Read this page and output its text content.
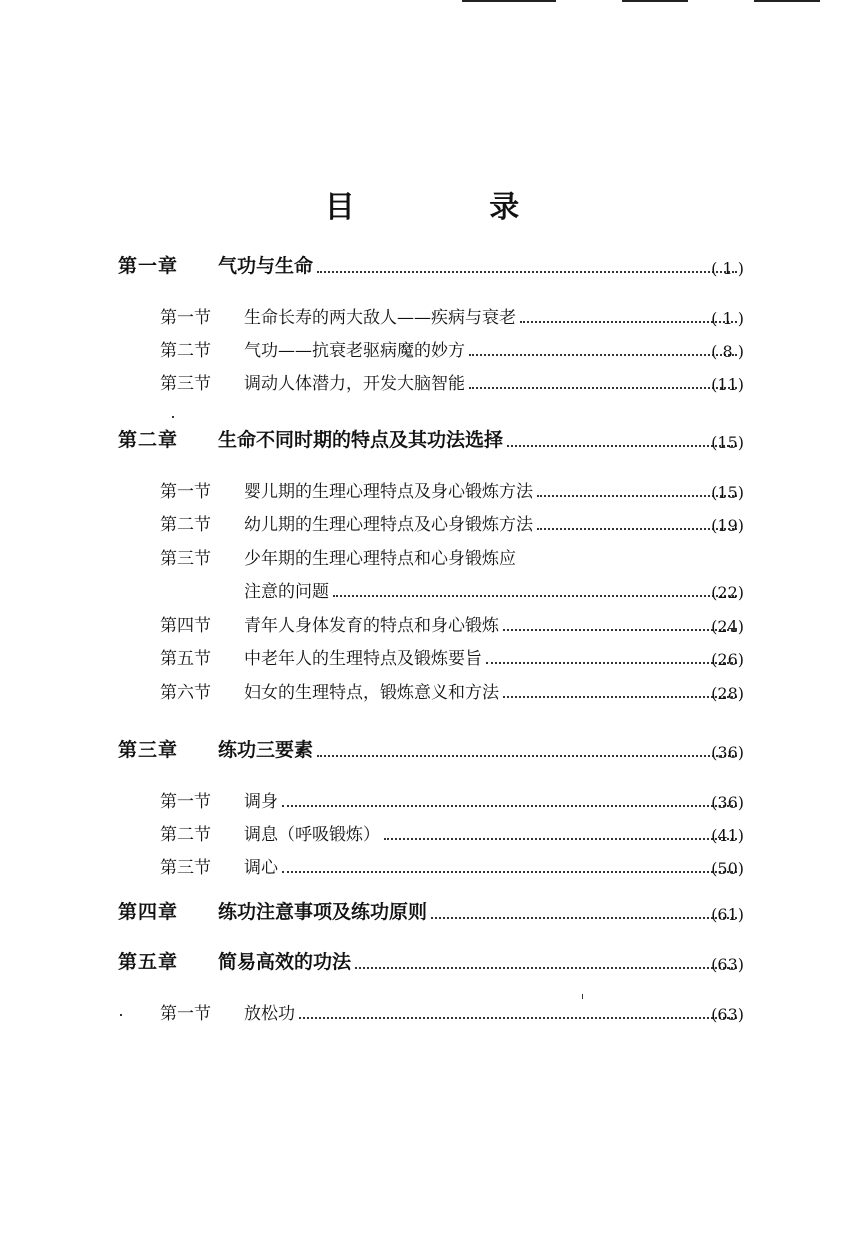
目 录
第一章 气功与生命	( 1 )
第一节 生命长寿的两大敌人——疾病与衰老	( 1 )
第二节 气功——抗衰老驱病魔的妙方	( 8 )
第三节 调动人体潜力，开发大脑智能	(11)
第二章 生命不同时期的特点及其功法选择	(15)
第一节 婴儿期的生理心理特点及身心锻炼方法	(15)
第二节 幼儿期的生理心理特点及心身锻炼方法	(19)
第三节 少年期的生理心理特点和心身锻炼应
注意的问题	(22)
第四节 青年人身体发育的特点和身心锻炼	(24)
第五节 中老年人的生理特点及锻炼要旨	(26)
第六节 妇女的生理特点，锻炼意义和方法	(28)
第三章 练功三要素	(36)
第一节 调身	(36)
第二节 调息（呼吸锻炼）	(41)
第三节 调心	(50)
第四章 练功注意事项及练功原则	(61)
第五章 简易高效的功法	(63)
第一节 放松功	(63)
